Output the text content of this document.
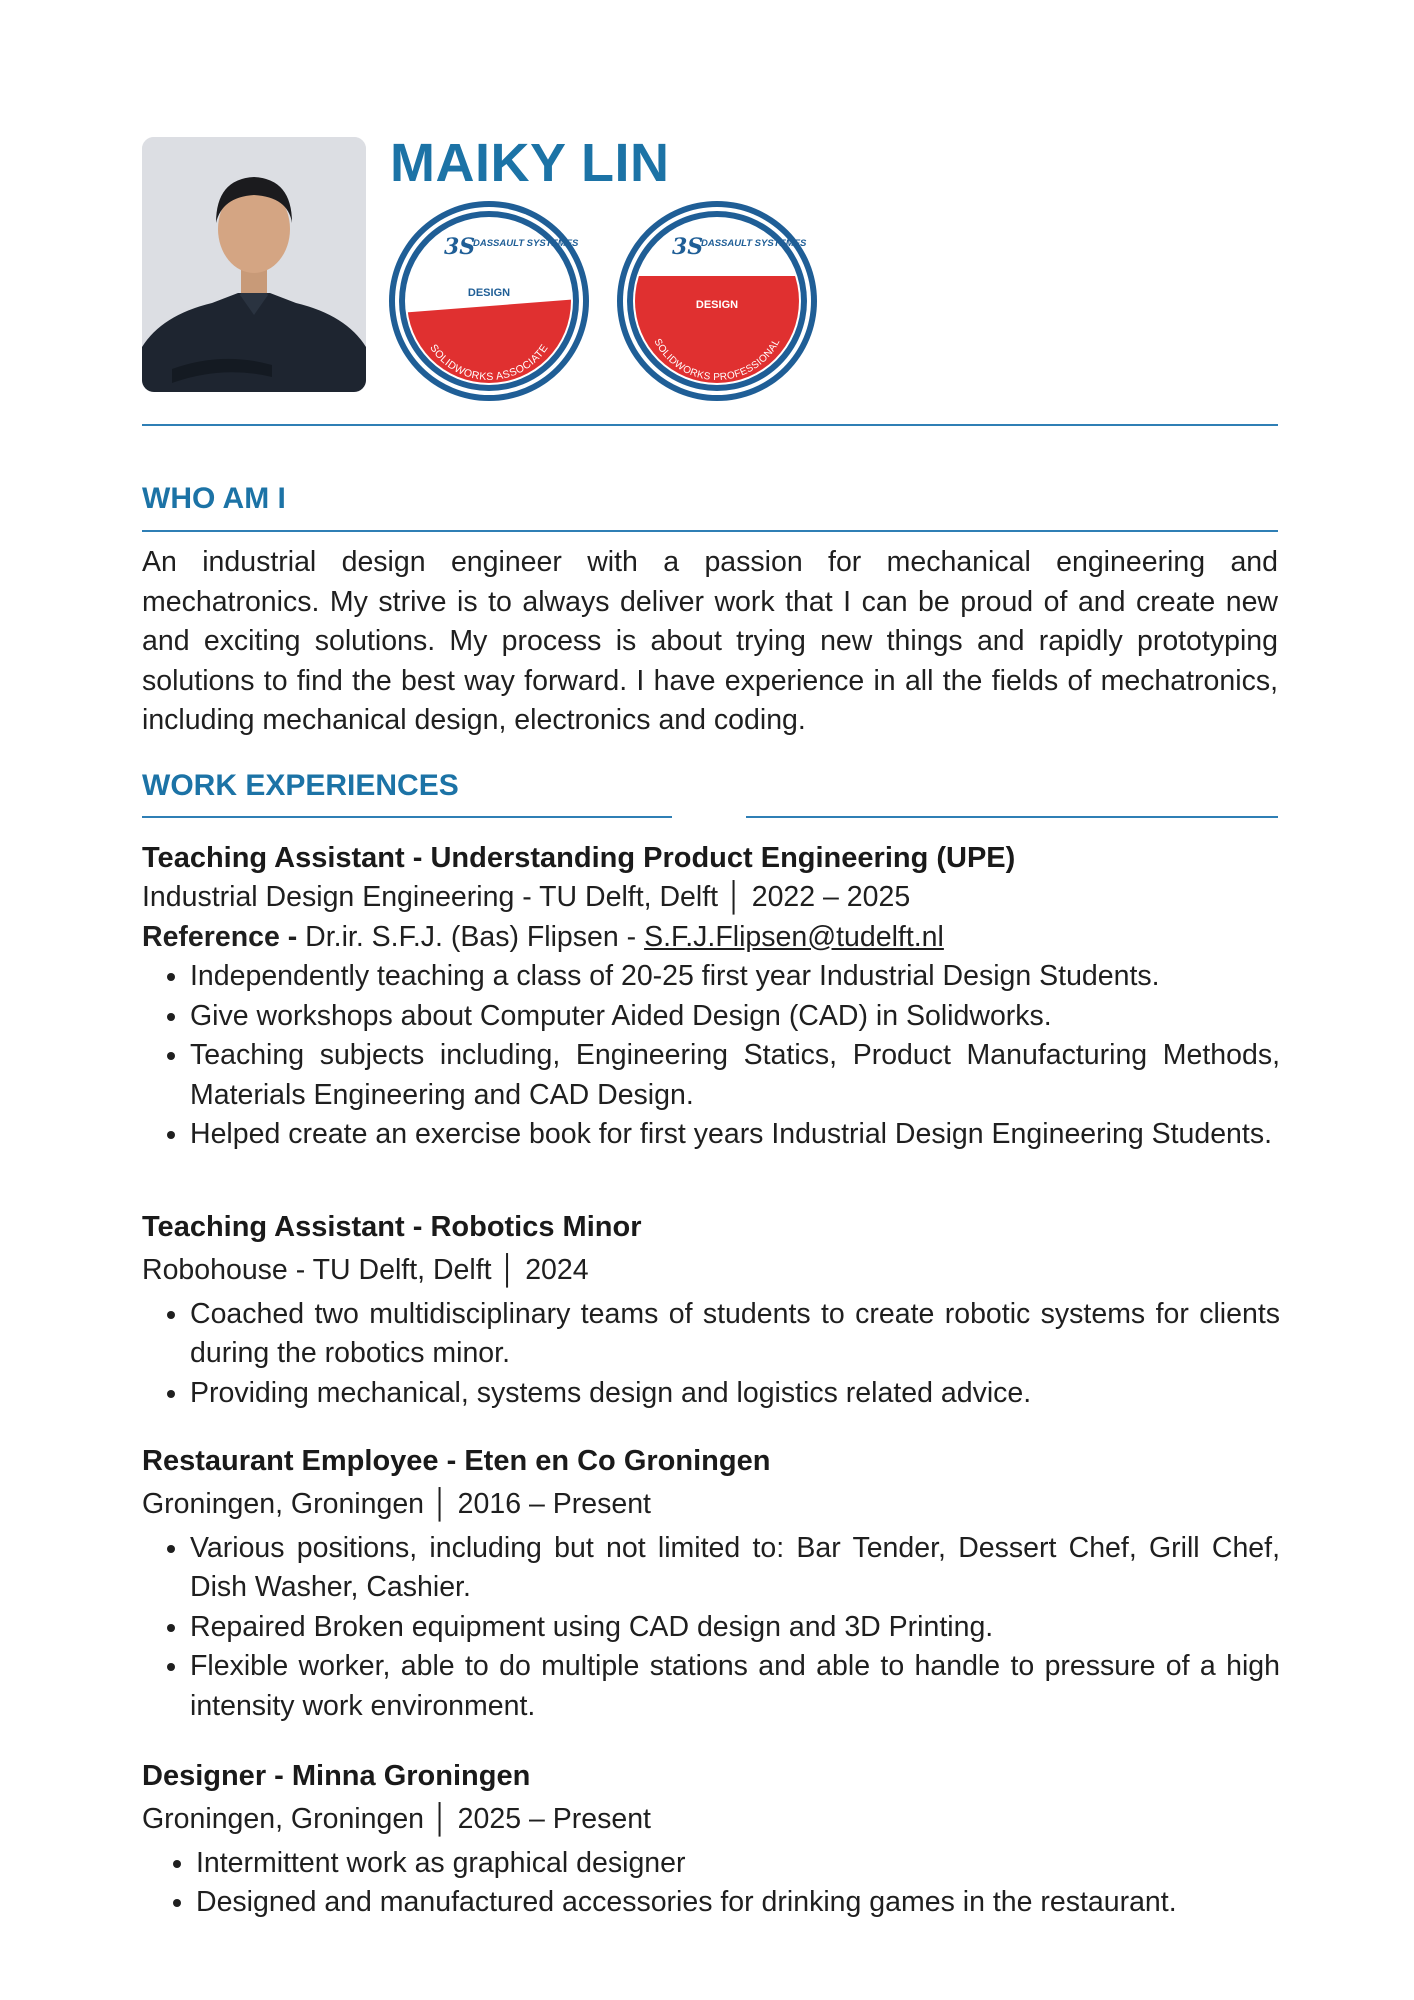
MAIKY LIN
3S
DASSAULT SYSTEMES
DESIGN
SOLIDWORKS ASSOCIATE
3S
DASSAULT SYSTEMES
DESIGN
SOLIDWORKS PROFESSIONAL
WHO AM I

An industrial design engineer with a passion for mechanical engineering and mechatronics. My strive is to always deliver work that I can be proud of and create new and exciting solutions. My process is about trying new things and rapidly prototyping solutions to find the best way forward. I have experience in all the fields of mechatronics, including mechanical design, electronics and coding.

WORK EXPERIENCES
Teaching Assistant - Understanding Product Engineering (UPE)
Industrial Design Engineering - TU Delft, Delft │ 2022 – 2025
Reference - Dr.ir. S.F.J. (Bas) Flipsen - S.F.J.Flipsen@tudelft.nl
• Independently teaching a class of 20-25 first year Industrial Design Students.
• Give workshops about Computer Aided Design (CAD) in Solidworks.
• Teaching subjects including, Engineering Statics, Product Manufacturing Methods, Materials Engineering and CAD Design.
• Helped create an exercise book for first years Industrial Design Engineering Students.
Teaching Assistant - Robotics Minor
Robohouse - TU Delft, Delft │ 2024
• Coached two multidisciplinary teams of students to create robotic systems for clients during the robotics minor.
• Providing mechanical, systems design and logistics related advice.
Restaurant Employee - Eten en Co Groningen
Groningen, Groningen │ 2016 – Present
• Various positions, including but not limited to: Bar Tender, Dessert Chef, Grill Chef, Dish Washer, Cashier.
• Repaired Broken equipment using CAD design and 3D Printing.
• Flexible worker, able to do multiple stations and able to handle to pressure of a high intensity work environment.
Designer - Minna Groningen
Groningen, Groningen │ 2025 – Present
• Intermittent work as graphical designer
• Designed and manufactured accessories for drinking games in the restaurant.
